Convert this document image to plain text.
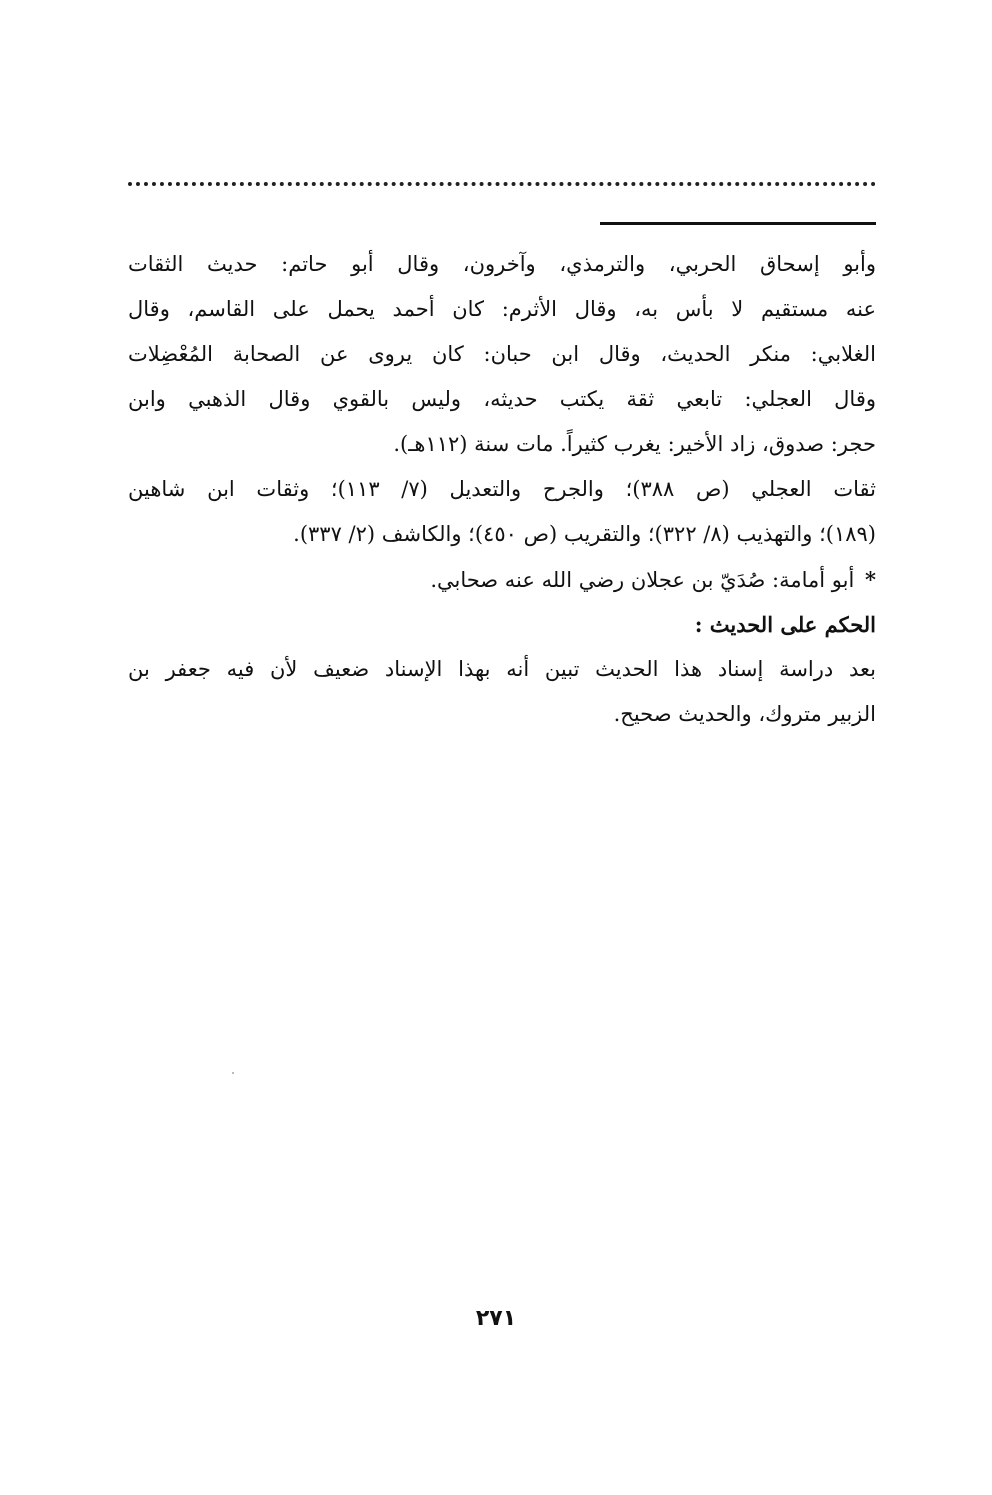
وأبو إسحاق الحربي، والترمذي، وآخرون، وقال أبو حاتم: حديث الثقات
عنه مستقيم لا بأس به، وقال الأثرم: كان أحمد يحمل على القاسم، وقال
الغلابي: منكر الحديث، وقال ابن حبان: كان يروى عن الصحابة المُعْضِلات
وقال العجلي: تابعي ثقة يكتب حديثه، وليس بالقوي وقال الذهبي وابن
حجر: صدوق، زاد الأخير: يغرب كثيراً. مات سنة (١١٢هـ).
ثقات العجلي (ص ٣٨٨)؛ والجرح والتعديل (٧/ ١١٣)؛ وثقات ابن شاهين
(١٨٩)؛ والتهذيب (٨/ ٣٢٢)؛ والتقريب (ص ٤٥٠)؛ والكاشف (٢/ ٣٣٧).
* أبو أمامة: صُدَيّ بن عجلان رضي الله عنه صحابي.
الحكم على الحديث :
بعد دراسة إسناد هذا الحديث تبين أنه بهذا الإسناد ضعيف لأن فيه جعفر بن
الزبير متروك، والحديث صحيح.
٢٧١
